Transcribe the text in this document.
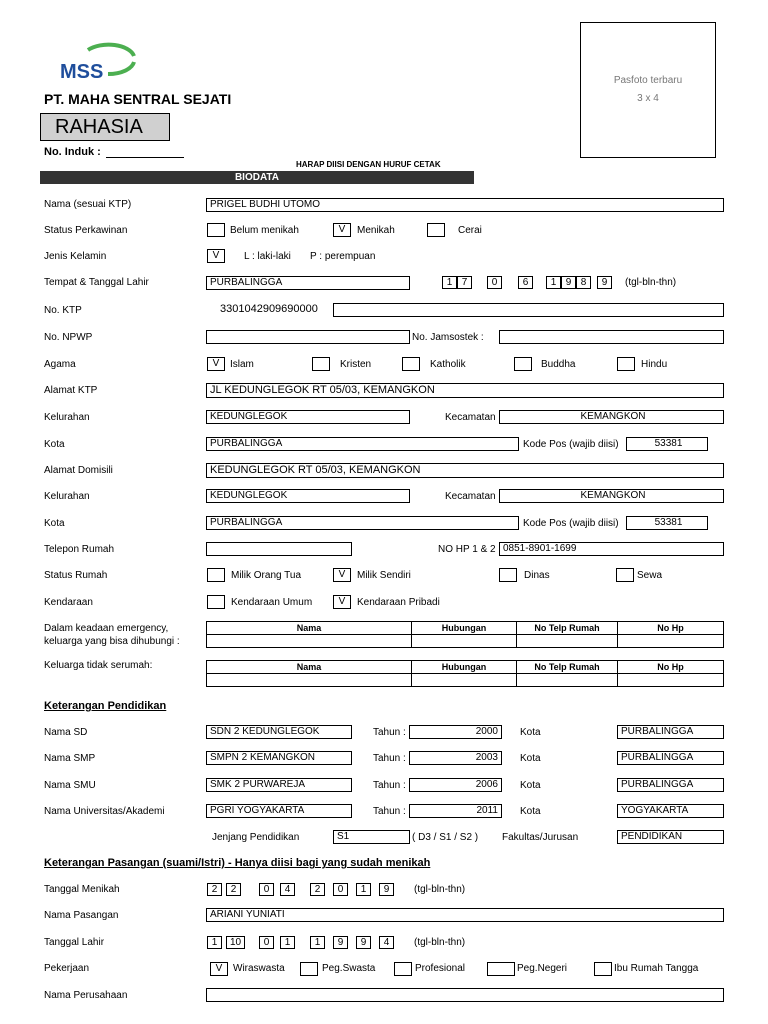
MSS
PT. MAHA SENTRAL SEJATI
RAHASIA
No. Induk :
Pasfoto terbaru
3 x 4
HARAP DIISI DENGAN HURUF CETAK
BIODATA
Nama (sesuai KTP)	PRIGEL BUDHI UTOMO
Status Perkawinan	Belum menikah	V	Menikah	Cerai
Jenis Kelamin	V	L : laki-laki P : perempuan
Tempat & Tanggal Lahir	PURBALINGGA	1 7	0	6	1 9 8	9	(tgl-bln-thn)
No. KTP	3301042909690000
No. NPWP	No. Jamsostek :
Agama	V	Islam	Kristen	Katholik	Buddha	Hindu
Alamat KTP	JL KEDUNGLEGOK RT 05/03, KEMANGKON
Kelurahan	KEDUNGLEGOK	Kecamatan	KEMANGKON
Kota	PURBALINGGA	Kode Pos (wajib diisi)	53381
Alamat Domisili	KEDUNGLEGOK RT 05/03, KEMANGKON
Kelurahan	KEDUNGLEGOK	Kecamatan	KEMANGKON
Kota	PURBALINGGA	Kode Pos (wajib diisi)	53381
Telepon Rumah	NO HP 1 & 2 0851-8901-1699
Status Rumah	Milik Orang Tua	V	Milik Sendiri	Dinas	Sewa
Kendaraan	Kendaraan Umum	V	Kendaraan Pribadi
Dalam keadaan emergency,
keluarga yang bisa dihubungi :
Nama	Hubungan	No Telp Rumah	No Hp

Keluarga tidak serumah:	Nama	Hubungan	No Telp Rumah	No Hp

Keterangan Pendidikan
Nama SD	SDN 2 KEDUNGLEGOK	Tahun :	2000	Kota	PURBALINGGA
Nama SMP	SMPN 2 KEMANGKON	Tahun :	2003	Kota	PURBALINGGA
Nama SMU	SMK 2 PURWAREJA	Tahun :	2006	Kota	PURBALINGGA
Nama Universitas/Akademi	PGRI YOGYAKARTA	Tahun :	2011	Kota	YOGYAKARTA
Jenjang Pendidikan	S1	( D3 / S1 / S2 ) Fakultas/Jurusan	PENDIDIKAN
Keterangan Pasangan (suami/Istri) - Hanya diisi bagi yang sudah menikah
Tanggal Menikah	2	2	0	4	2	0	1	9	(tgl-bln-thn)
Nama Pasangan	ARIANI YUNIATI
Tanggal Lahir	1	10	0	1	1	9	9	4	(tgl-bln-thn)
Pekerjaan	V	Wiraswasta	Peg.Swasta	Profesional	Peg.Negeri	Ibu Rumah Tangga
Nama Perusahaan
